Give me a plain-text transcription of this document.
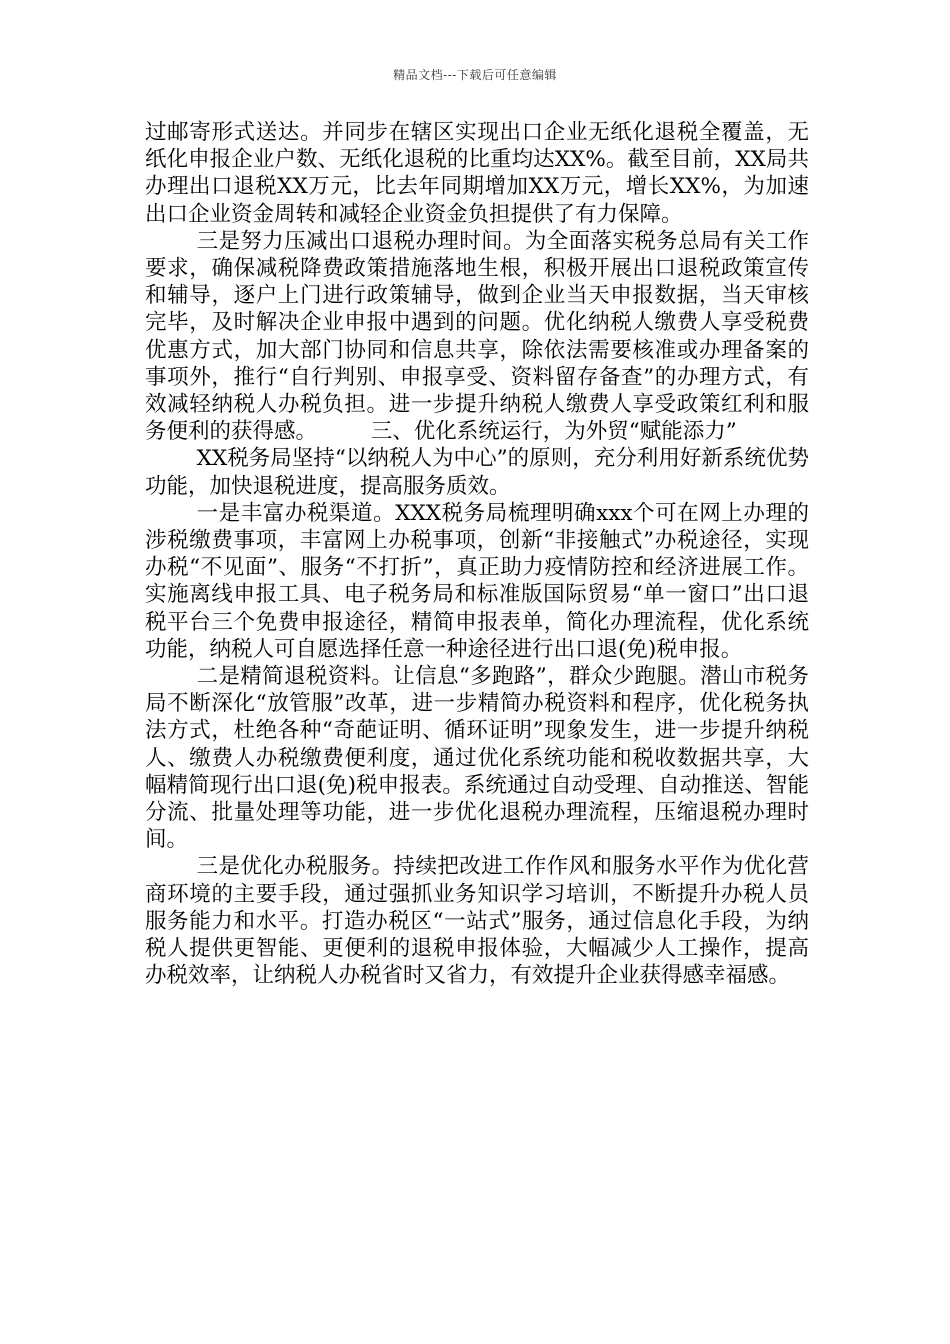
精品文档---下载后可任意编辑

过邮寄形式送达。并同步在辖区实现出口企业无纸化退税全覆盖，无纸化申报企业户数、无纸化退税的比重均达XX%。截至目前，XX局共办理出口退税XX万元，比去年同期增加XX万元，增长XX%，为加速出口企业资金周转和减轻企业资金负担提供了有力保障。

三是努力压减出口退税办理时间。为全面落实税务总局有关工作要求，确保减税降费政策措施落地生根，积极开展出口退税政策宣传和辅导，逐户上门进行政策辅导，做到企业当天申报数据，当天审核完毕，及时解决企业申报中遇到的问题。优化纳税人缴费人享受税费优惠方式，加大部门协同和信息共享，除依法需要核准或办理备案的事项外，推行“自行判别、申报享受、资料留存备查”的办理方式，有效减轻纳税人办税负担。进一步提升纳税人缴费人享受政策红利和服务便利的获得感。　　　三、优化系统运行，为外贸“赋能添力”

XX税务局坚持“以纳税人为中心”的原则，充分利用好新系统优势功能，加快退税进度，提高服务质效。

一是丰富办税渠道。XXX税务局梳理明确xxx个可在网上办理的涉税缴费事项，丰富网上办税事项，创新“非接触式”办税途径，实现办税“不见面”、服务“不打折”，真正助力疫情防控和经济进展工作。实施离线申报工具、电子税务局和标准版国际贸易“单一窗口”出口退税平台三个免费申报途径，精简申报表单，简化办理流程，优化系统功能，纳税人可自愿选择任意一种途径进行出口退(免)税申报。

二是精简退税资料。让信息“多跑路”，群众少跑腿。潜山市税务局不断深化“放管服”改革，进一步精简办税资料和程序，优化税务执法方式，杜绝各种“奇葩证明、循环证明”现象发生，进一步提升纳税人、缴费人办税缴费便利度，通过优化系统功能和税收数据共享，大幅精简现行出口退(免)税申报表。系统通过自动受理、自动推送、智能分流、批量处理等功能，进一步优化退税办理流程，压缩退税办理时间。

三是优化办税服务。持续把改进工作作风和服务水平作为优化营商环境的主要手段，通过强抓业务知识学习培训，不断提升办税人员服务能力和水平。打造办税区“一站式”服务，通过信息化手段，为纳税人提供更智能、更便利的退税申报体验，大幅减少人工操作，提高办税效率，让纳税人办税省时又省力，有效提升企业获得感幸福感。
